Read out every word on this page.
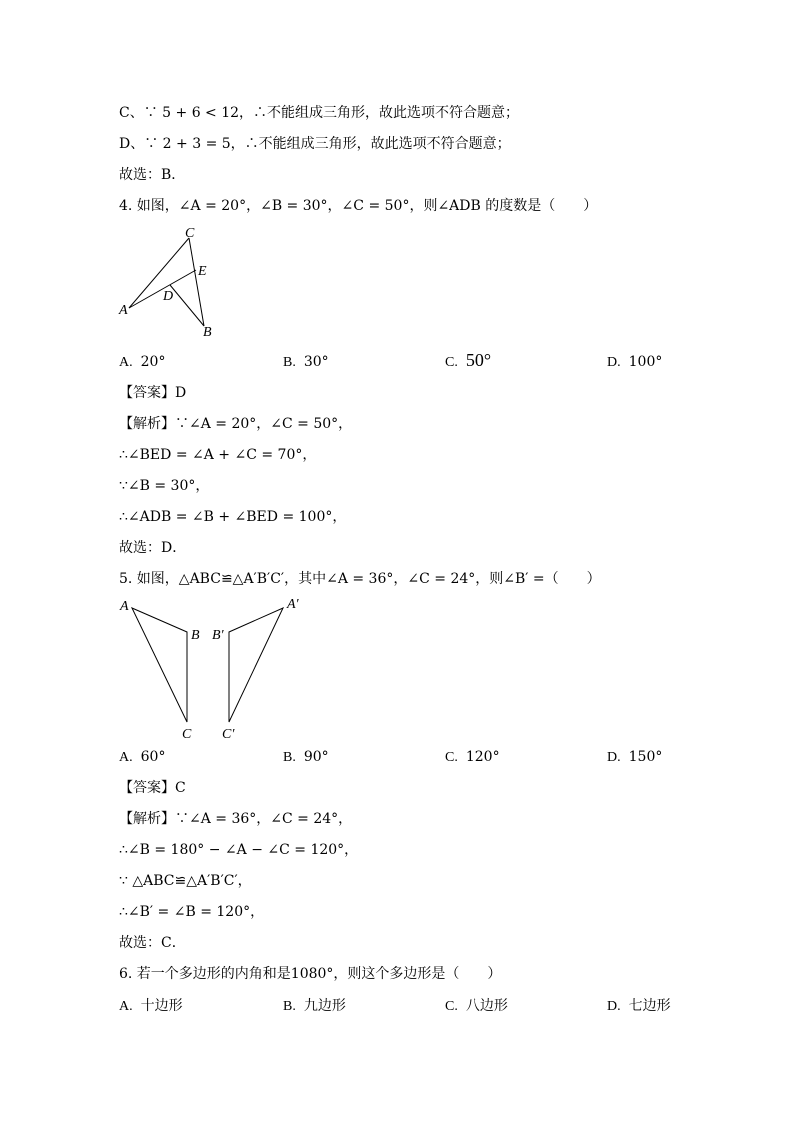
C、∵ 5 + 6 < 12，∴不能组成三角形，故此选项不符合题意；
D、∵ 2 + 3 = 5，∴不能组成三角形，故此选项不符合题意；
故选：B．
4. 如图，∠A = 20°，∠B = 30°，∠C = 50°，则∠ADB 的度数是（　　）
C
E
D
A
B
A. 20°	B. 30°	C. 50°	D. 100°
【答案】D
【解析】∵∠A = 20°，∠C = 50°，
∴∠BED = ∠A + ∠C = 70°，
∵∠B = 30°，
∴∠ADB = ∠B + ∠BED = 100°，
故选：D．
5. 如图，△ABC≌△A′B′C′，其中∠A = 36°，∠C = 24°，则∠B′ =（　　）
A
B
C
B′
A′
C′
A. 60°	B. 90°	C. 120°	D. 150°
【答案】C
【解析】∵∠A = 36°，∠C = 24°，
∴∠B = 180° − ∠A − ∠C = 120°，
∵ △ABC≌△A′B′C′，
∴∠B′ = ∠B = 120°，
故选：C．
6. 若一个多边形的内角和是1080°，则这个多边形是（　　）
A. 十边形	B. 九边形	C. 八边形	D. 七边形
